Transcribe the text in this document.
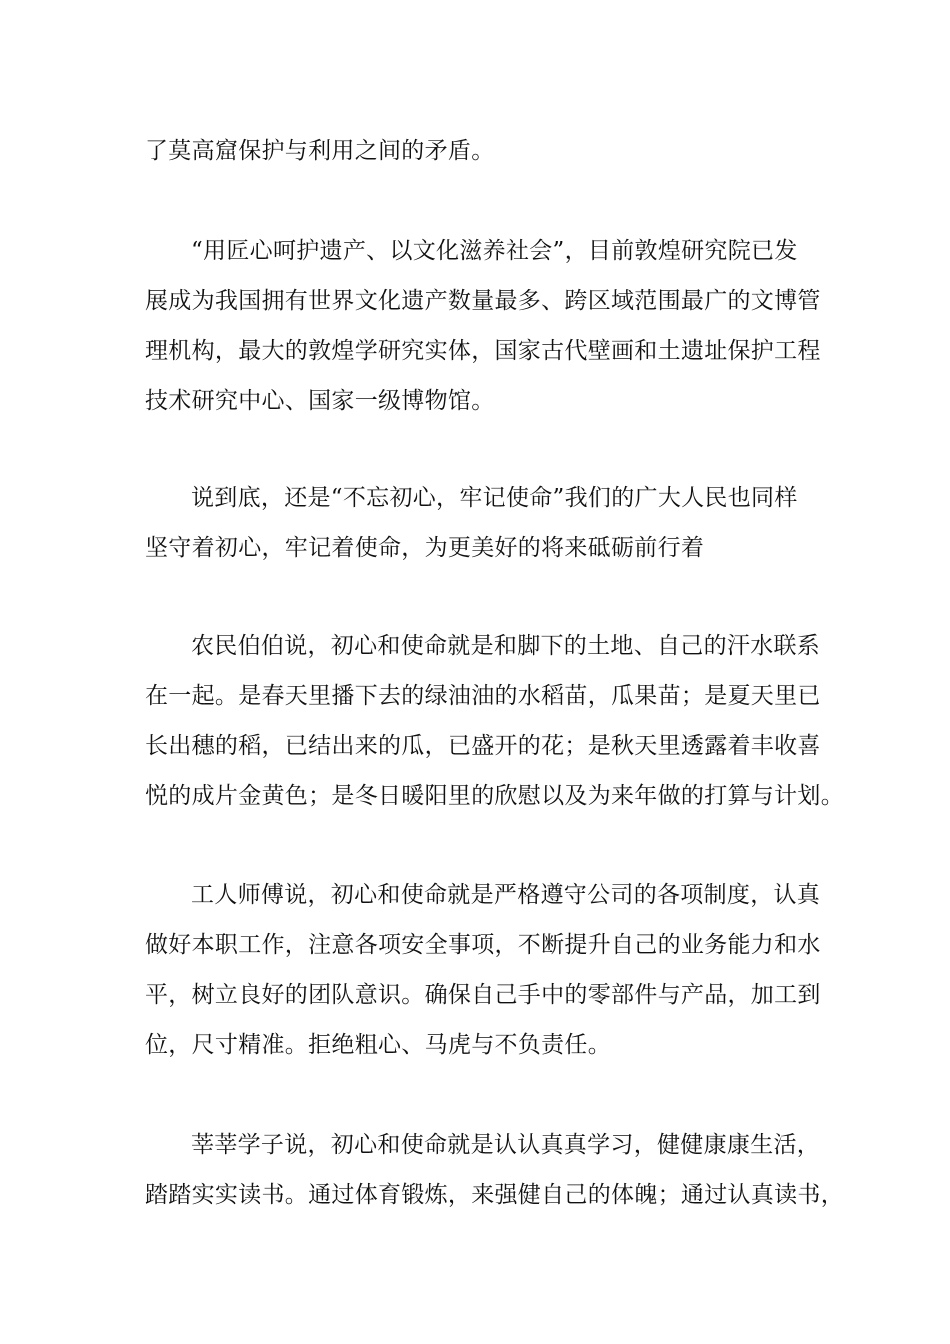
了莫高窟保护与利用之间的矛盾。
“用匠心呵护遗产、以文化滋养社会”，目前敦煌研究院已发
展成为我国拥有世界文化遗产数量最多、跨区域范围最广的文博管
理机构，最大的敦煌学研究实体，国家古代壁画和土遗址保护工程
技术研究中心、国家一级博物馆。
说到底，还是“不忘初心，牢记使命”我们的广大人民也同样
坚守着初心，牢记着使命，为更美好的将来砥砺前行着
农民伯伯说，初心和使命就是和脚下的土地、自己的汗水联系
在一起。是春天里播下去的绿油油的水稻苗，瓜果苗；是夏天里已
长出穗的稻，已结出来的瓜，已盛开的花；是秋天里透露着丰收喜
悦的成片金黄色；是冬日暖阳里的欣慰以及为来年做的打算与计划。
工人师傅说，初心和使命就是严格遵守公司的各项制度，认真
做好本职工作，注意各项安全事项，不断提升自己的业务能力和水
平，树立良好的团队意识。确保自己手中的零部件与产品，加工到
位，尺寸精准。拒绝粗心、马虎与不负责任。
莘莘学子说，初心和使命就是认认真真学习，健健康康生活，
踏踏实实读书。通过体育锻炼，来强健自己的体魄；通过认真读书，
